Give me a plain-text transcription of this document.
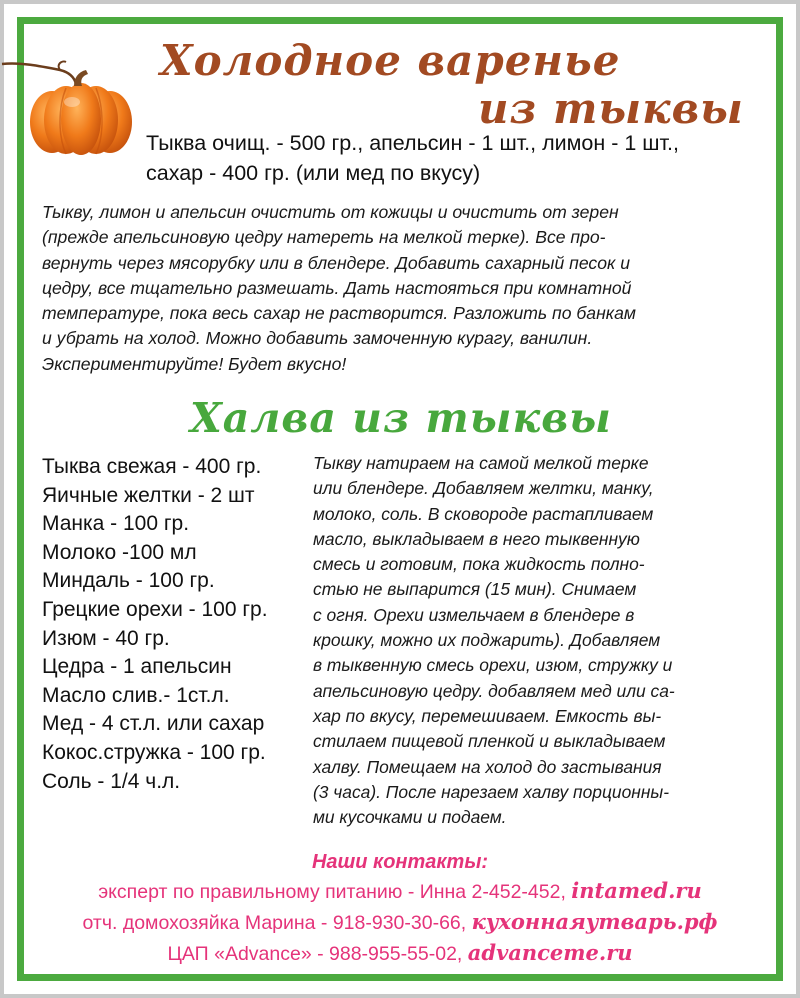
Холодное варенье
из тыквы
Тыква очищ. - 500 гр., апельсин - 1 шт., лимон - 1 шт.,
сахар - 400 гр. (или мед по вкусу)
Тыкву, лимон и апельсин очистить от кожицы и очистить от зерен
(прежде апельсиновую цедру натереть на мелкой терке). Все про-
вернуть через мясорубку или в блендере. Добавить сахарный песок и
цедру, все тщательно размешать. Дать настояться при комнатной
температуре, пока весь сахар не растворится. Разложить по банкам
и убрать на холод. Можно добавить замоченную курагу, ванилин.
Экспериментируйте! Будет вкусно!
Халва из тыквы
Тыква свежая - 400 гр.
Яичные желтки - 2 шт
Манка - 100 гр.
Молоко -100 мл
Миндаль - 100 гр.
Грецкие орехи - 100 гр.
Изюм - 40 гр.
Цедра - 1 апельсин
Масло слив.- 1ст.л.
Мед - 4 ст.л. или сахар
Кокос.стружка - 100 гр.
Соль - 1/4 ч.л.
Тыкву натираем на самой мелкой терке
или блендере. Добавляем желтки, манку,
молоко, соль. В сковороде растапливаем
масло, выкладываем в него тыквенную
смесь и готовим, пока жидкость полно-
стью не выпарится (15 мин). Снимаем
с огня. Орехи измельчаем в блендере в
крошку, можно их поджарить). Добавляем
в тыквенную смесь орехи, изюм, стружку и
апельсиновую цедру. добавляем мед или са-
хар по вкусу, перемешиваем. Емкость вы-
стилаем пищевой пленкой и выкладываем
халву. Помещаем на холод до застывания
(3 часа). После нарезаем халву порционны-
ми кусочками и подаем.
Наши контакты:
эксперт по правильному питанию - Инна 2-452-452, intamed.ru
отч. домохозяйка Марина - 918-930-30-66, кухоннаяутварь.рф
ЦАП «Advance» - 988-955-55-02, advanceme.ru
